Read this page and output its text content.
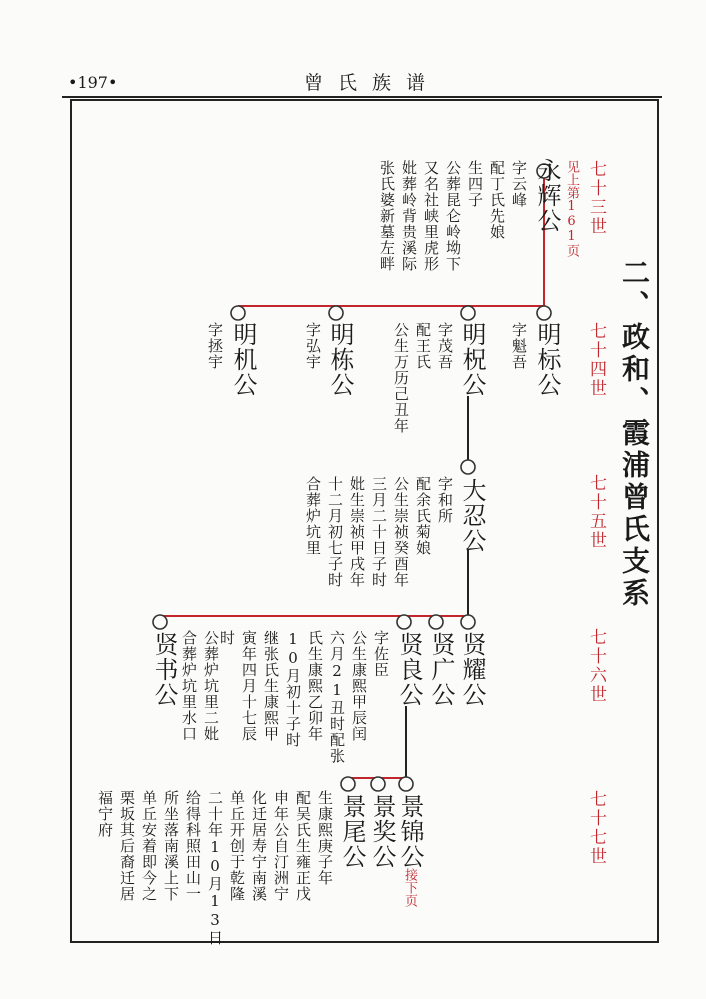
•197•	曾氏族谱
七十三世
七十四世
七十五世
七十六世
七十七世
二、政和、霞浦曾氏支系
永辉公 见上第161页
字云峰
配丁氏先娘
生四子
公葬昆仑岭坳下
又名社峡里虎形
妣葬岭背贵溪际
张氏婆新墓左畔
明标公
字魁吾
明柷公
字茂吾
配王氏
公生万历己丑年
明栋公
字弘宇
明机公
字拯宇
大忍公
字和所
配余氏菊娘
公生崇祯癸酉年
三月二十日子时
妣生崇祯甲戌年
十二月初七子时
合葬炉坑里
贤耀公
贤广公
贤良公
字佐臣
公生康熙甲辰闰
六月21丑时配张
氏生康熙乙卯年
10月初十子时
继张氏生康熙甲
寅年四月十七辰
时
公葬炉坑里二妣
合葬炉坑里水口
贤书公
景锦公
接下页
景奖公
景尾公
生康熙庚子年
配吴氏生雍正戊
申年公自汀洲宁
化迁居寿宁南溪
单丘开创于乾隆
二十年10月13日
给得科照田山一
所坐落南溪上下
单丘安着即今之
栗坂其后裔迁居
福宁府
